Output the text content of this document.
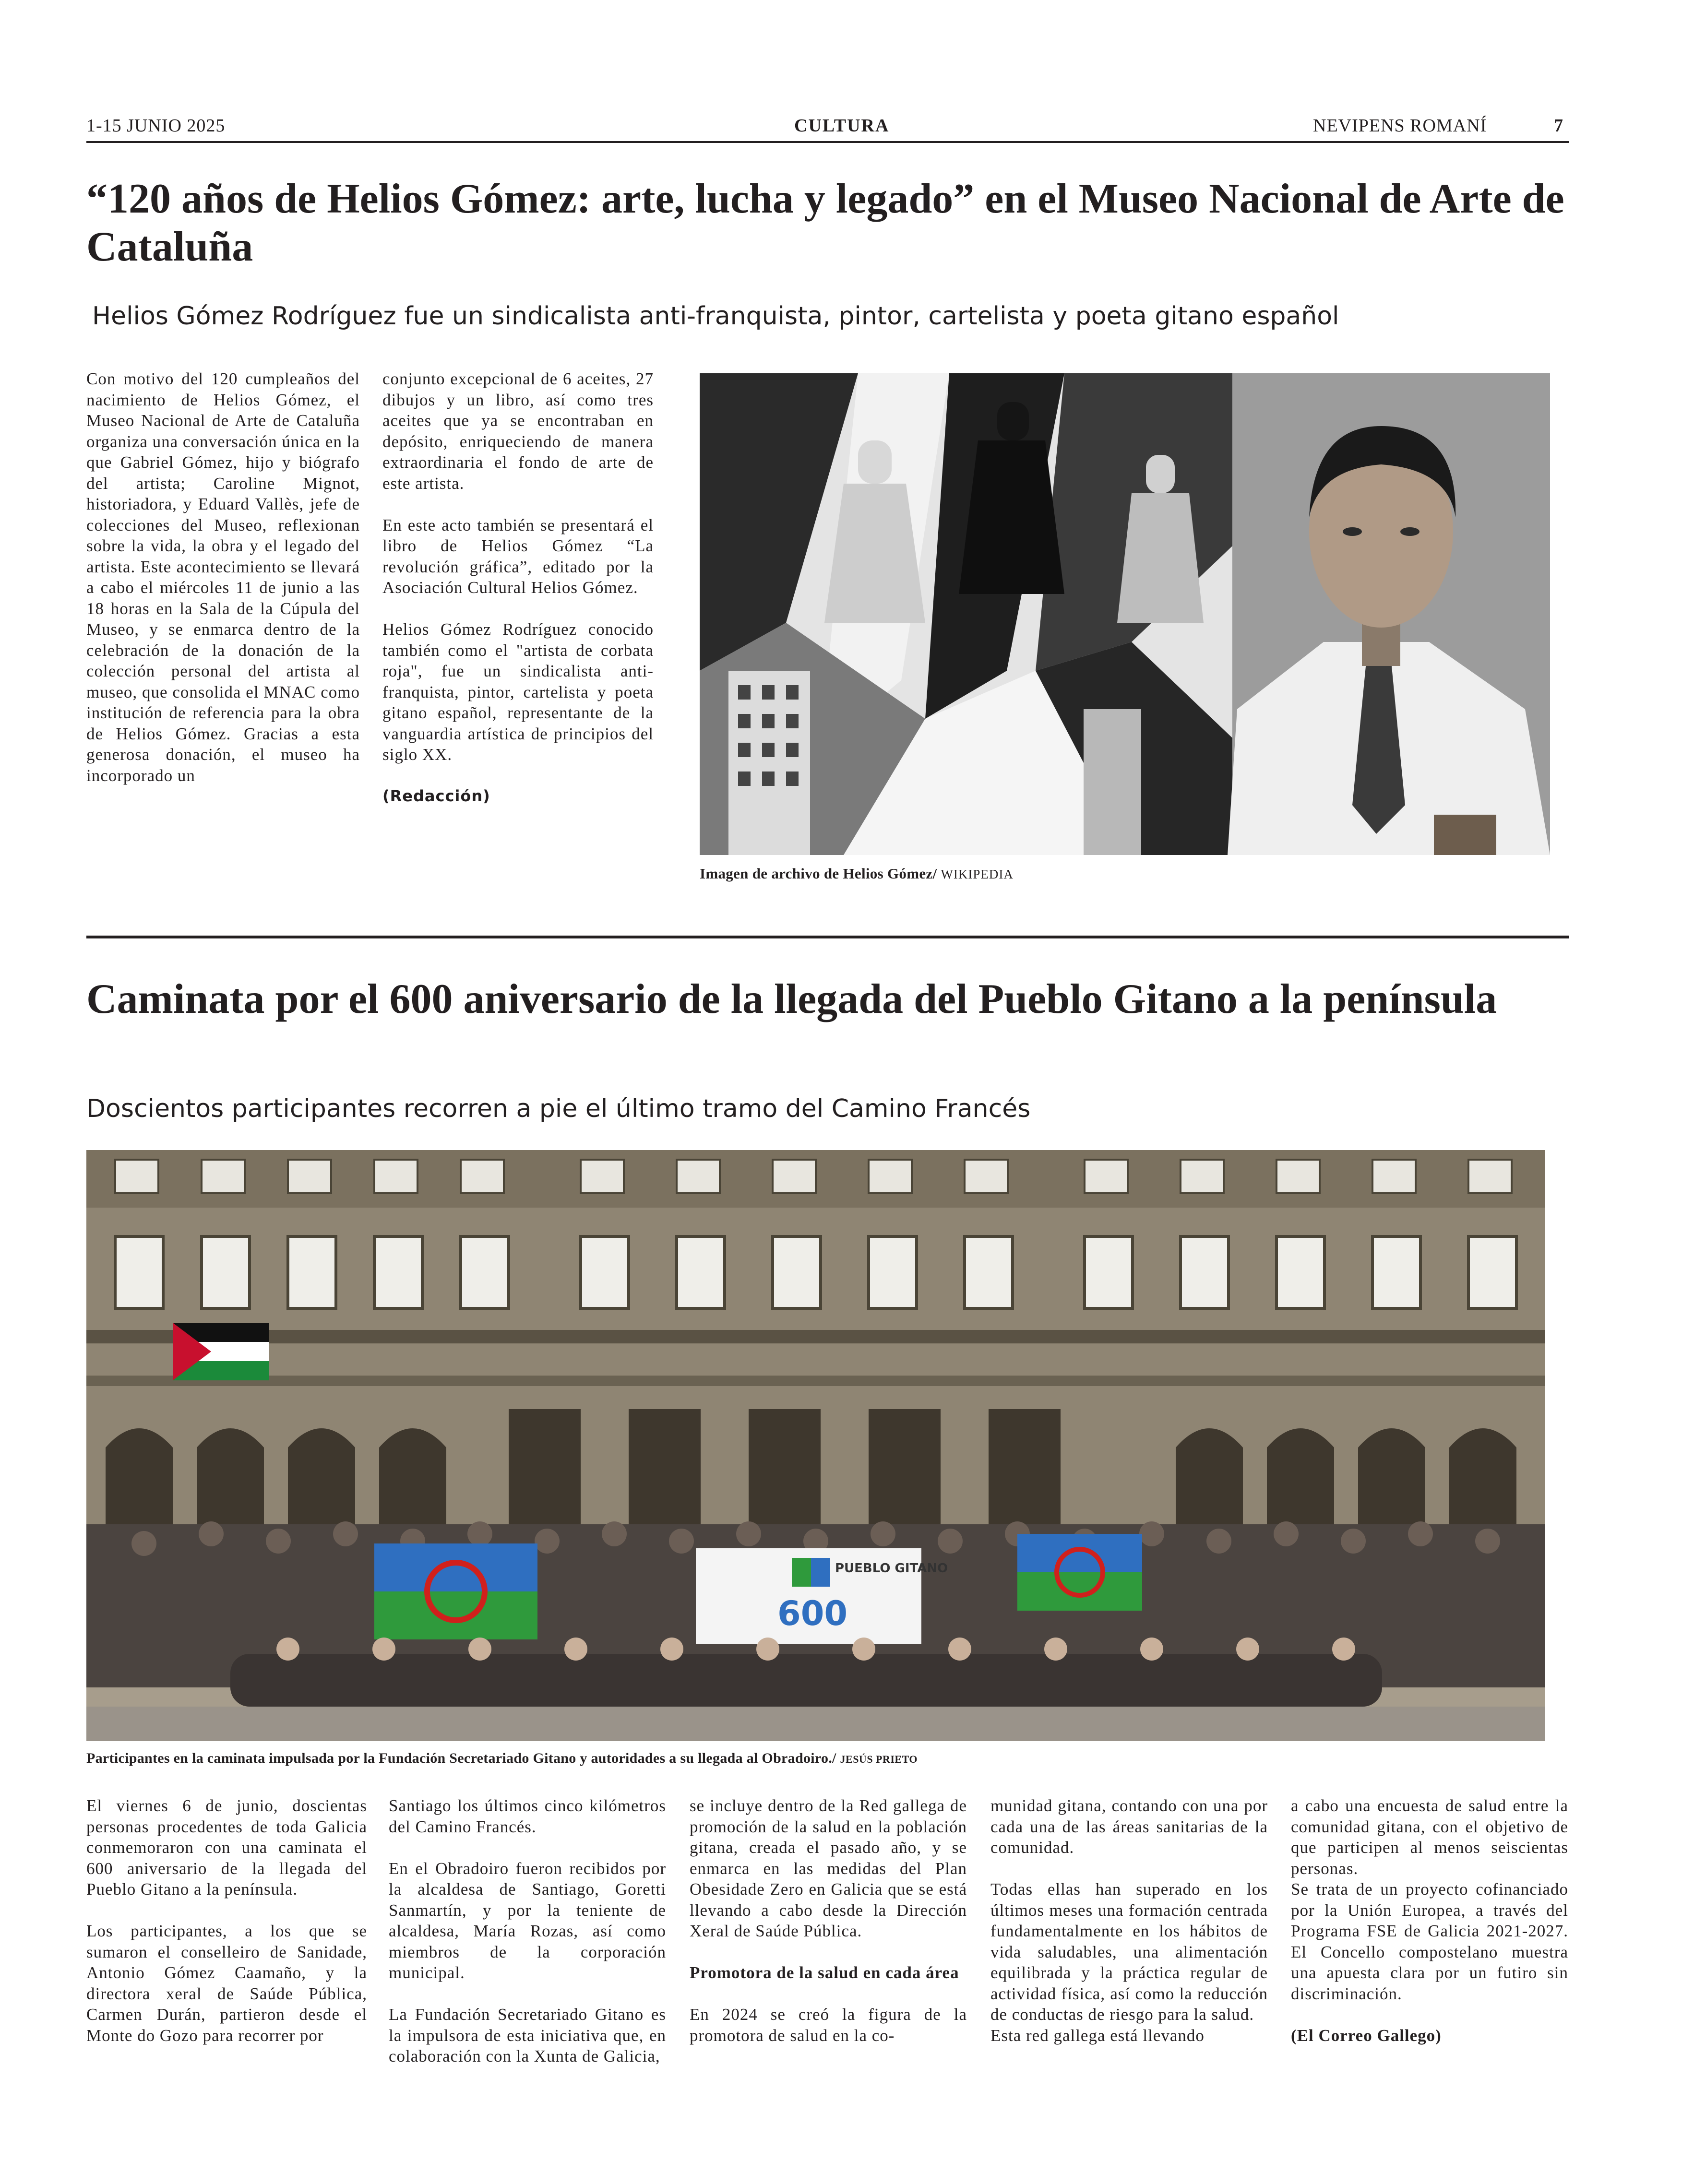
1-15 JUNIO 2025	CULTURA	NEVIPENS ROMANÍ	7
“120 años de Helios Gómez: arte, lucha y legado” en el Museo Nacional de Arte de Cataluña
Helios Gómez Rodríguez fue un sindicalista anti-franquista, pintor, cartelista y poeta gitano español

Con motivo del 120 cumpleaños del nacimiento de Helios Gómez, el Museo Nacional de Arte de Cataluña organiza una conversación única en la que Gabriel Gómez, hijo y biógrafo del artista; Caroline Mignot, historiadora, y Eduard Vallès, jefe de colecciones del Museo, reflexionan sobre la vida, la obra y el legado del artista. Este acontecimiento se llevará a cabo el miércoles 11 de junio a las 18 horas en la Sala de la Cúpula del Museo, y se enmarca dentro de la celebración de la donación de la colección personal del artista al museo, que consolida el MNAC como institución de referencia para la obra de Helios Gómez. Gracias a esta generosa donación, el museo ha incorporado un

conjunto excepcional de 6 aceites, 27 dibujos y un libro, así como tres aceites que ya se encontraban en depósito, enriqueciendo de manera extraordinaria el fondo de arte de este artista.

En este acto también se presentará el libro de Helios Gómez “La revolución gráfica”, editado por la Asociación Cultural Helios Gómez.

Helios Gómez Rodríguez conocido también como el "artista de corbata roja", fue un sindicalista anti-franquista, pintor, cartelista y poeta gitano español, representante de la vanguardia artística de principios del siglo XX.

(Redacción)

Imagen de archivo de Helios Gómez/ WIKIPEDIA
Caminata por el 600 aniversario de la llegada del Pueblo Gitano a la península
Doscientos participantes recorren a pie el último tramo del Camino Francés
PUEBLO GITANO
600
Participantes en la caminata impulsada por la Fundación Secretariado Gitano y autoridades a su llegada al Obradoiro./ JESÚS PRIETO

El viernes 6 de junio, doscientas personas procedentes de toda Galicia conmemoraron con una caminata el 600 aniversario de la llegada del Pueblo Gitano a la península.

Los participantes, a los que se sumaron el conselleiro de Sanidade, Antonio Gómez Caamaño, y la directora xeral de Saúde Pública, Carmen Durán, partieron desde el Monte do Gozo para recorrer por

Santiago los últimos cinco kilómetros del Camino Francés.

En el Obradoiro fueron recibidos por la alcaldesa de Santiago, Goretti Sanmartín, y por la teniente de alcaldesa, María Rozas, así como miembros de la corporación municipal.

La Fundación Secretariado Gitano es la impulsora de esta iniciativa que, en colaboración con la Xunta de Galicia,

se incluye dentro de la Red gallega de promoción de la salud en la población gitana, creada el pasado año, y se enmarca en las medidas del Plan Obesidade Zero en Galicia que se está llevando a cabo desde la Dirección Xeral de Saúde Pública.

Promotora de la salud en cada área

En 2024 se creó la figura de la promotora de salud en la co-

munidad gitana, contando con una por cada una de las áreas sanitarias de la comunidad.

Todas ellas han superado en los últimos meses una formación centrada fundamentalmente en los hábitos de vida saludables, una alimentación equilibrada y la práctica regular de actividad física, así como la reducción de conductas de riesgo para la salud.

Esta red gallega está llevando

a cabo una encuesta de salud entre la comunidad gitana, con el objetivo de que participen al menos seiscientas personas.

Se trata de un proyecto cofinanciado por la Unión Europea, a través del Programa FSE de Galicia 2021-2027. El Concello compostelano muestra una apuesta clara por un futiro sin discriminación.

(El Correo Gallego)
